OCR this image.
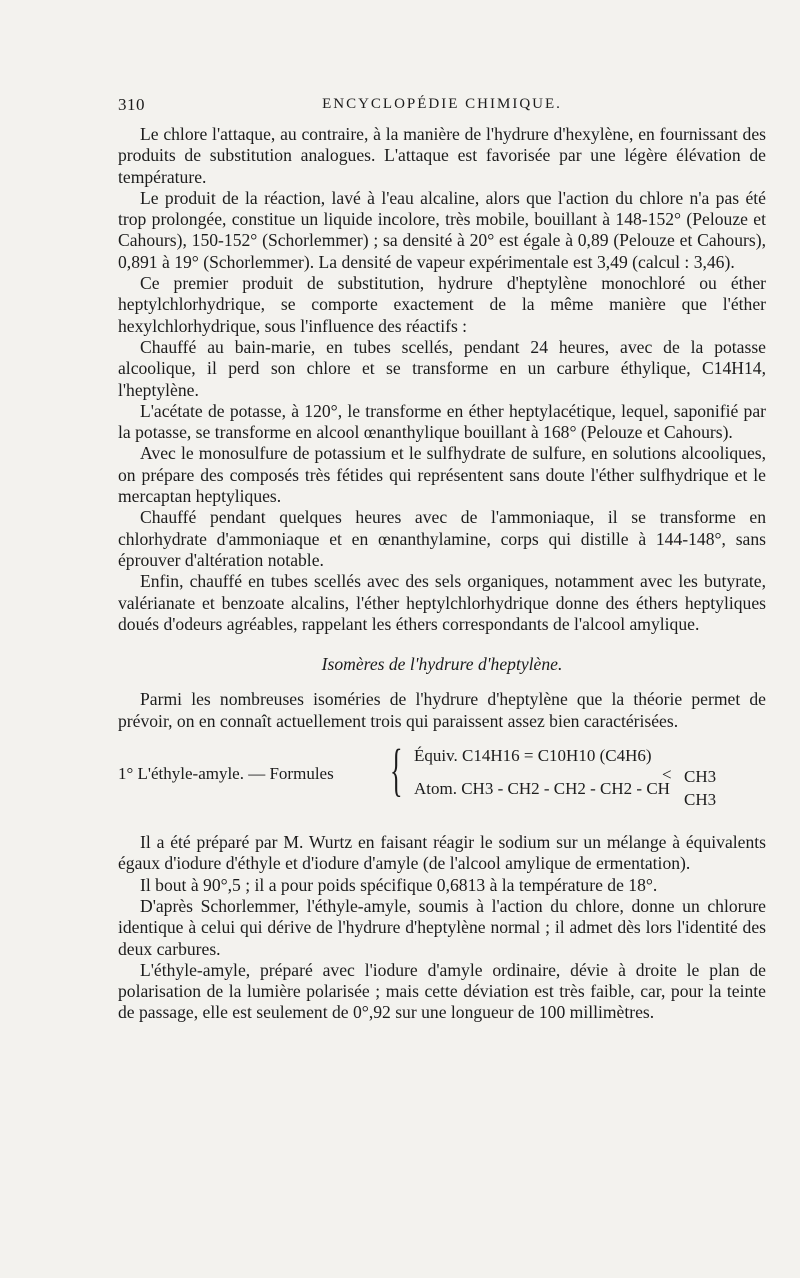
310	ENCYCLOPÉDIE CHIMIQUE.

Le chlore l'attaque, au contraire, à la manière de l'hydrure d'hexylène, en fournissant des produits de substitution analogues. L'attaque est favorisée par une légère élévation de température.

Le produit de la réaction, lavé à l'eau alcaline, alors que l'action du chlore n'a pas été trop prolongée, constitue un liquide incolore, très mobile, bouillant à 148-152° (Pelouze et Cahours), 150-152° (Schorlemmer) ; sa densité à 20° est égale à 0,89 (Pelouze et Cahours), 0,891 à 19° (Schorlemmer). La densité de vapeur expérimentale est 3,49 (calcul : 3,46).

Ce premier produit de substitution, hydrure d'heptylène monochloré ou éther heptylchlorhydrique, se comporte exactement de la même manière que l'éther hexylchlorhydrique, sous l'influence des réactifs :

Chauffé au bain-marie, en tubes scellés, pendant 24 heures, avec de la potasse alcoolique, il perd son chlore et se transforme en un carbure éthylique, C14H14, l'heptylène.

L'acétate de potasse, à 120°, le transforme en éther heptylacétique, lequel, saponifié par la potasse, se transforme en alcool œnanthylique bouillant à 168° (Pelouze et Cahours).

Avec le monosulfure de potassium et le sulfhydrate de sulfure, en solutions alcooliques, on prépare des composés très fétides qui représentent sans doute l'éther sulfhydrique et le mercaptan heptyliques.

Chauffé pendant quelques heures avec de l'ammoniaque, il se transforme en chlorhydrate d'ammoniaque et en œnanthylamine, corps qui distille à 144-148°, sans éprouver d'altération notable.

Enfin, chauffé en tubes scellés avec des sels organiques, notamment avec les butyrate, valérianate et benzoate alcalins, l'éther heptylchlorhydrique donne des éthers heptyliques doués d'odeurs agréables, rappelant les éthers correspondants de l'alcool amylique.

Isomères de l'hydrure d'heptylène.

Parmi les nombreuses isoméries de l'hydrure d'heptylène que la théorie permet de prévoir, on en connaît actuellement trois qui paraissent assez bien caractérisées.

1° L'éthyle-amyle. — Formules { Équiv. C14H16 = C10H10 (C4H6)
Atom. CH3 - CH2 - CH2 - CH2 - CH
< CH3
CH3

Il a été préparé par M. Wurtz en faisant réagir le sodium sur un mélange à équivalents égaux d'iodure d'éthyle et d'iodure d'amyle (de l'alcool amylique de ermentation).

Il bout à 90°,5 ; il a pour poids spécifique 0,6813 à la température de 18°.

D'après Schorlemmer, l'éthyle-amyle, soumis à l'action du chlore, donne un chlorure identique à celui qui dérive de l'hydrure d'heptylène normal ; il admet dès lors l'identité des deux carbures.

L'éthyle-amyle, préparé avec l'iodure d'amyle ordinaire, dévie à droite le plan de polarisation de la lumière polarisée ; mais cette déviation est très faible, car, pour la teinte de passage, elle est seulement de 0°,92 sur une longueur de 100 millimètres.
